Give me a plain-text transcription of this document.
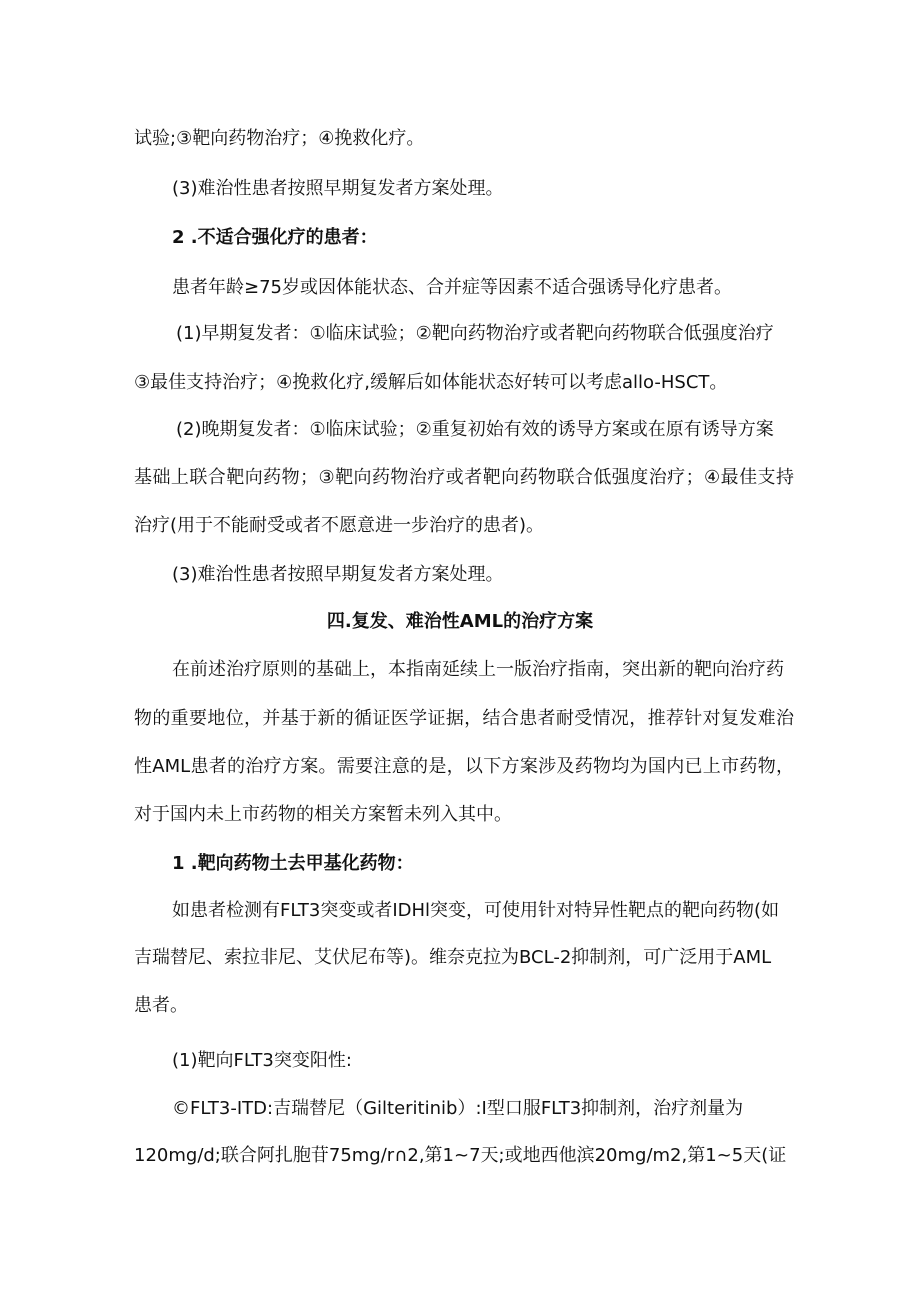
试验;③靶向药物治疗；④挽救化疗。
(3)难治性患者按照早期复发者方案处理。
2 .不适合强化疗的患者：
患者年龄≥75岁或因体能状态、合并症等因素不适合强诱导化疗患者。
(1)早期复发者：①临床试验；②靶向药物治疗或者靶向药物联合低强度治疗
③最佳支持治疗；④挽救化疗,缓解后如体能状态好转可以考虑allo-HSCT。
(2)晚期复发者：①临床试验；②重复初始有效的诱导方案或在原有诱导方案
基础上联合靶向药物；③靶向药物治疗或者靶向药物联合低强度治疗；④最佳支持
治疗(用于不能耐受或者不愿意进一步治疗的患者)。
(3)难治性患者按照早期复发者方案处理。
四.复发、难治性AML的治疗方案
在前述治疗原则的基础上，本指南延续上一版治疗指南，突出新的靶向治疗药
物的重要地位，并基于新的循证医学证据，结合患者耐受情况，推荐针对复发难治
性AML患者的治疗方案。需要注意的是，以下方案涉及药物均为国内已上市药物，
对于国内未上市药物的相关方案暂未列入其中。
1 .靶向药物土去甲基化药物：
如患者检测有FLT3突变或者IDHl突变，可使用针对特异性靶点的靶向药物(如
吉瑞替尼、索拉非尼、艾伏尼布等)。维奈克拉为BCL-2抑制剂，可广泛用于AML
患者。
(1)靶向FLT3突变阳性:
©FLT3-ITD:吉瑞替尼（Gilteritinib）:I型口服FLT3抑制剂，治疗剂量为
120mg/d;联合阿扎胞苷75mg∕r∩2,第1~7天;或地西他滨20mg/m2,第1~5天(证
